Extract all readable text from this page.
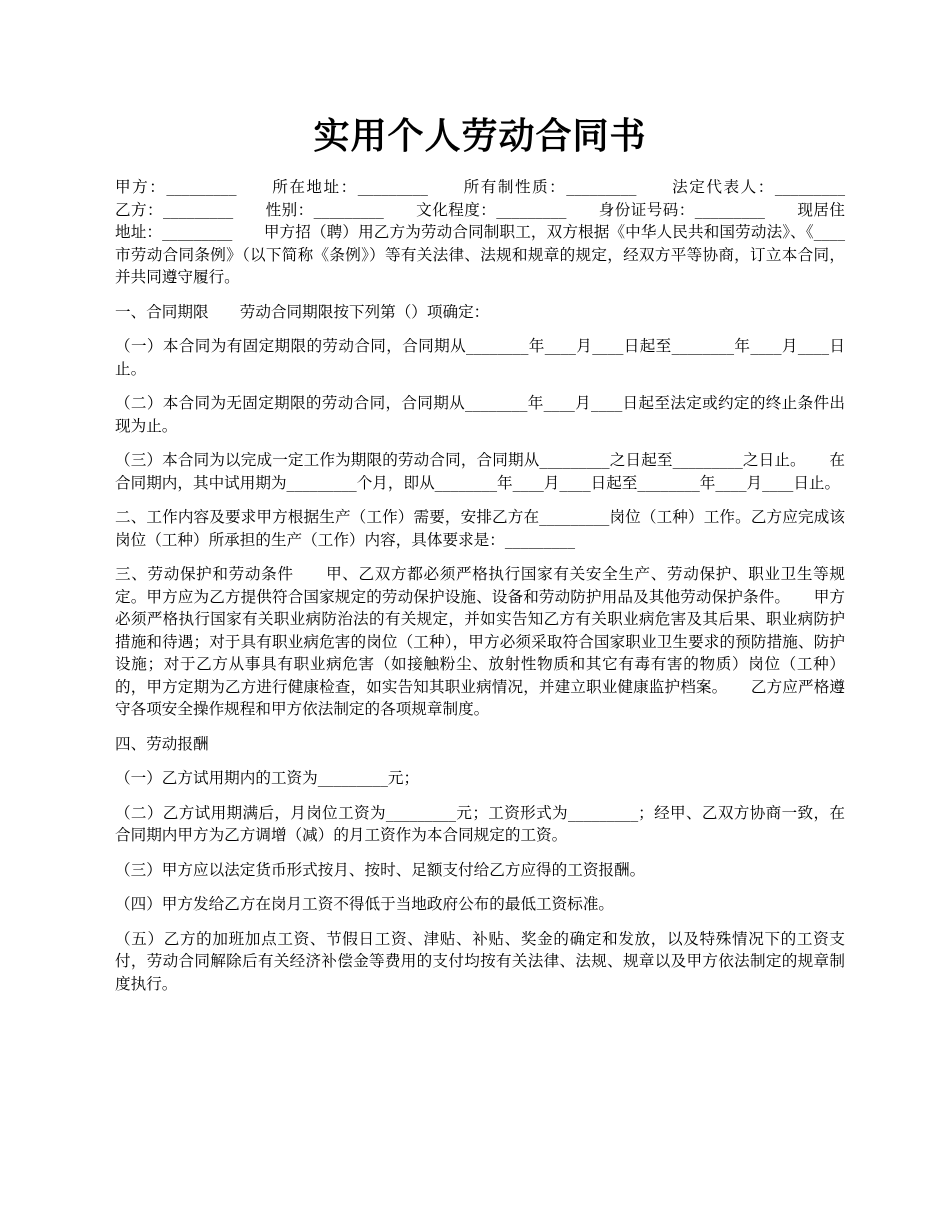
实用个人劳动合同书

甲方：_________　　所在地址：_________　　所有制性质：_________　　法定代表人：_________　　乙方：_________　　性别：_________　　文化程度：_________　　身份证号码：_________　　现居住地址：_________　　甲方招（聘）用乙方为劳动合同制职工，双方根据《中华人民共和国劳动法》、《____市劳动合同条例》（以下简称《条例》）等有关法律、法规和规章的规定，经双方平等协商，订立本合同，并共同遵守履行。

一、合同期限　　劳动合同期限按下列第（）项确定：

（一）本合同为有固定期限的劳动合同，合同期从________年____月____日起至________年____月____日止。

（二）本合同为无固定期限的劳动合同，合同期从________年____月____日起至法定或约定的终止条件出现为止。

（三）本合同为以完成一定工作为期限的劳动合同，合同期从_________之日起至_________之日止。　　在合同期内，其中试用期为_________个月，即从________年____月____日起至________年____月____日止。

二、工作内容及要求甲方根据生产（工作）需要，安排乙方在_________岗位（工种）工作。乙方应完成该岗位（工种）所承担的生产（工作）内容，具体要求是：_________

三、劳动保护和劳动条件　　甲、乙双方都必须严格执行国家有关安全生产、劳动保护、职业卫生等规定。甲方应为乙方提供符合国家规定的劳动保护设施、设备和劳动防护用品及其他劳动保护条件。　　甲方必须严格执行国家有关职业病防治法的有关规定，并如实告知乙方有关职业病危害及其后果、职业病防护措施和待遇；对于具有职业病危害的岗位（工种），甲方必须采取符合国家职业卫生要求的预防措施、防护设施；对于乙方从事具有职业病危害（如接触粉尘、放射性物质和其它有毒有害的物质）岗位（工种）的，甲方定期为乙方进行健康检查，如实告知其职业病情况，并建立职业健康监护档案。　　乙方应严格遵守各项安全操作规程和甲方依法制定的各项规章制度。

四、劳动报酬

（一）乙方试用期内的工资为_________元；

（二）乙方试用期满后，月岗位工资为_________元；工资形式为_________；经甲、乙双方协商一致，在合同期内甲方为乙方调增（减）的月工资作为本合同规定的工资。

（三）甲方应以法定货币形式按月、按时、足额支付给乙方应得的工资报酬。

（四）甲方发给乙方在岗月工资不得低于当地政府公布的最低工资标准。

（五）乙方的加班加点工资、节假日工资、津贴、补贴、奖金的确定和发放，以及特殊情况下的工资支付，劳动合同解除后有关经济补偿金等费用的支付均按有关法律、法规、规章以及甲方依法制定的规章制度执行。
